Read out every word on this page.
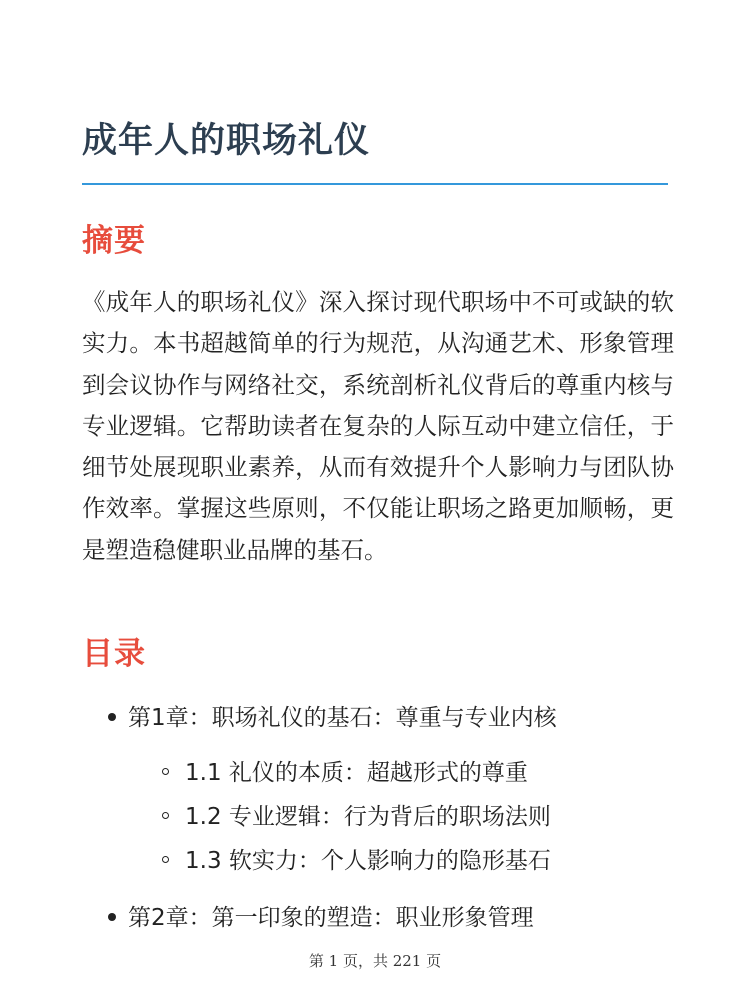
成年人的职场礼仪
摘要

《成年人的职场礼仪》深入探讨现代职场中不可或缺的软实力。本书超越简单的行为规范，从沟通艺术、形象管理到会议协作与网络社交，系统剖析礼仪背后的尊重内核与专业逻辑。它帮助读者在复杂的人际互动中建立信任，于细节处展现职业素养，从而有效提升个人影响力与团队协作效率。掌握这些原则，不仅能让职场之路更加顺畅，更是塑造稳健职业品牌的基石。

目录
第1章：职场礼仪的基石：尊重与专业内核
1.1 礼仪的本质：超越形式的尊重
1.2 专业逻辑：行为背后的职场法则
1.3 软实力：个人影响力的隐形基石
第2章：第一印象的塑造：职业形象管理
第 1 页，共 221 页
